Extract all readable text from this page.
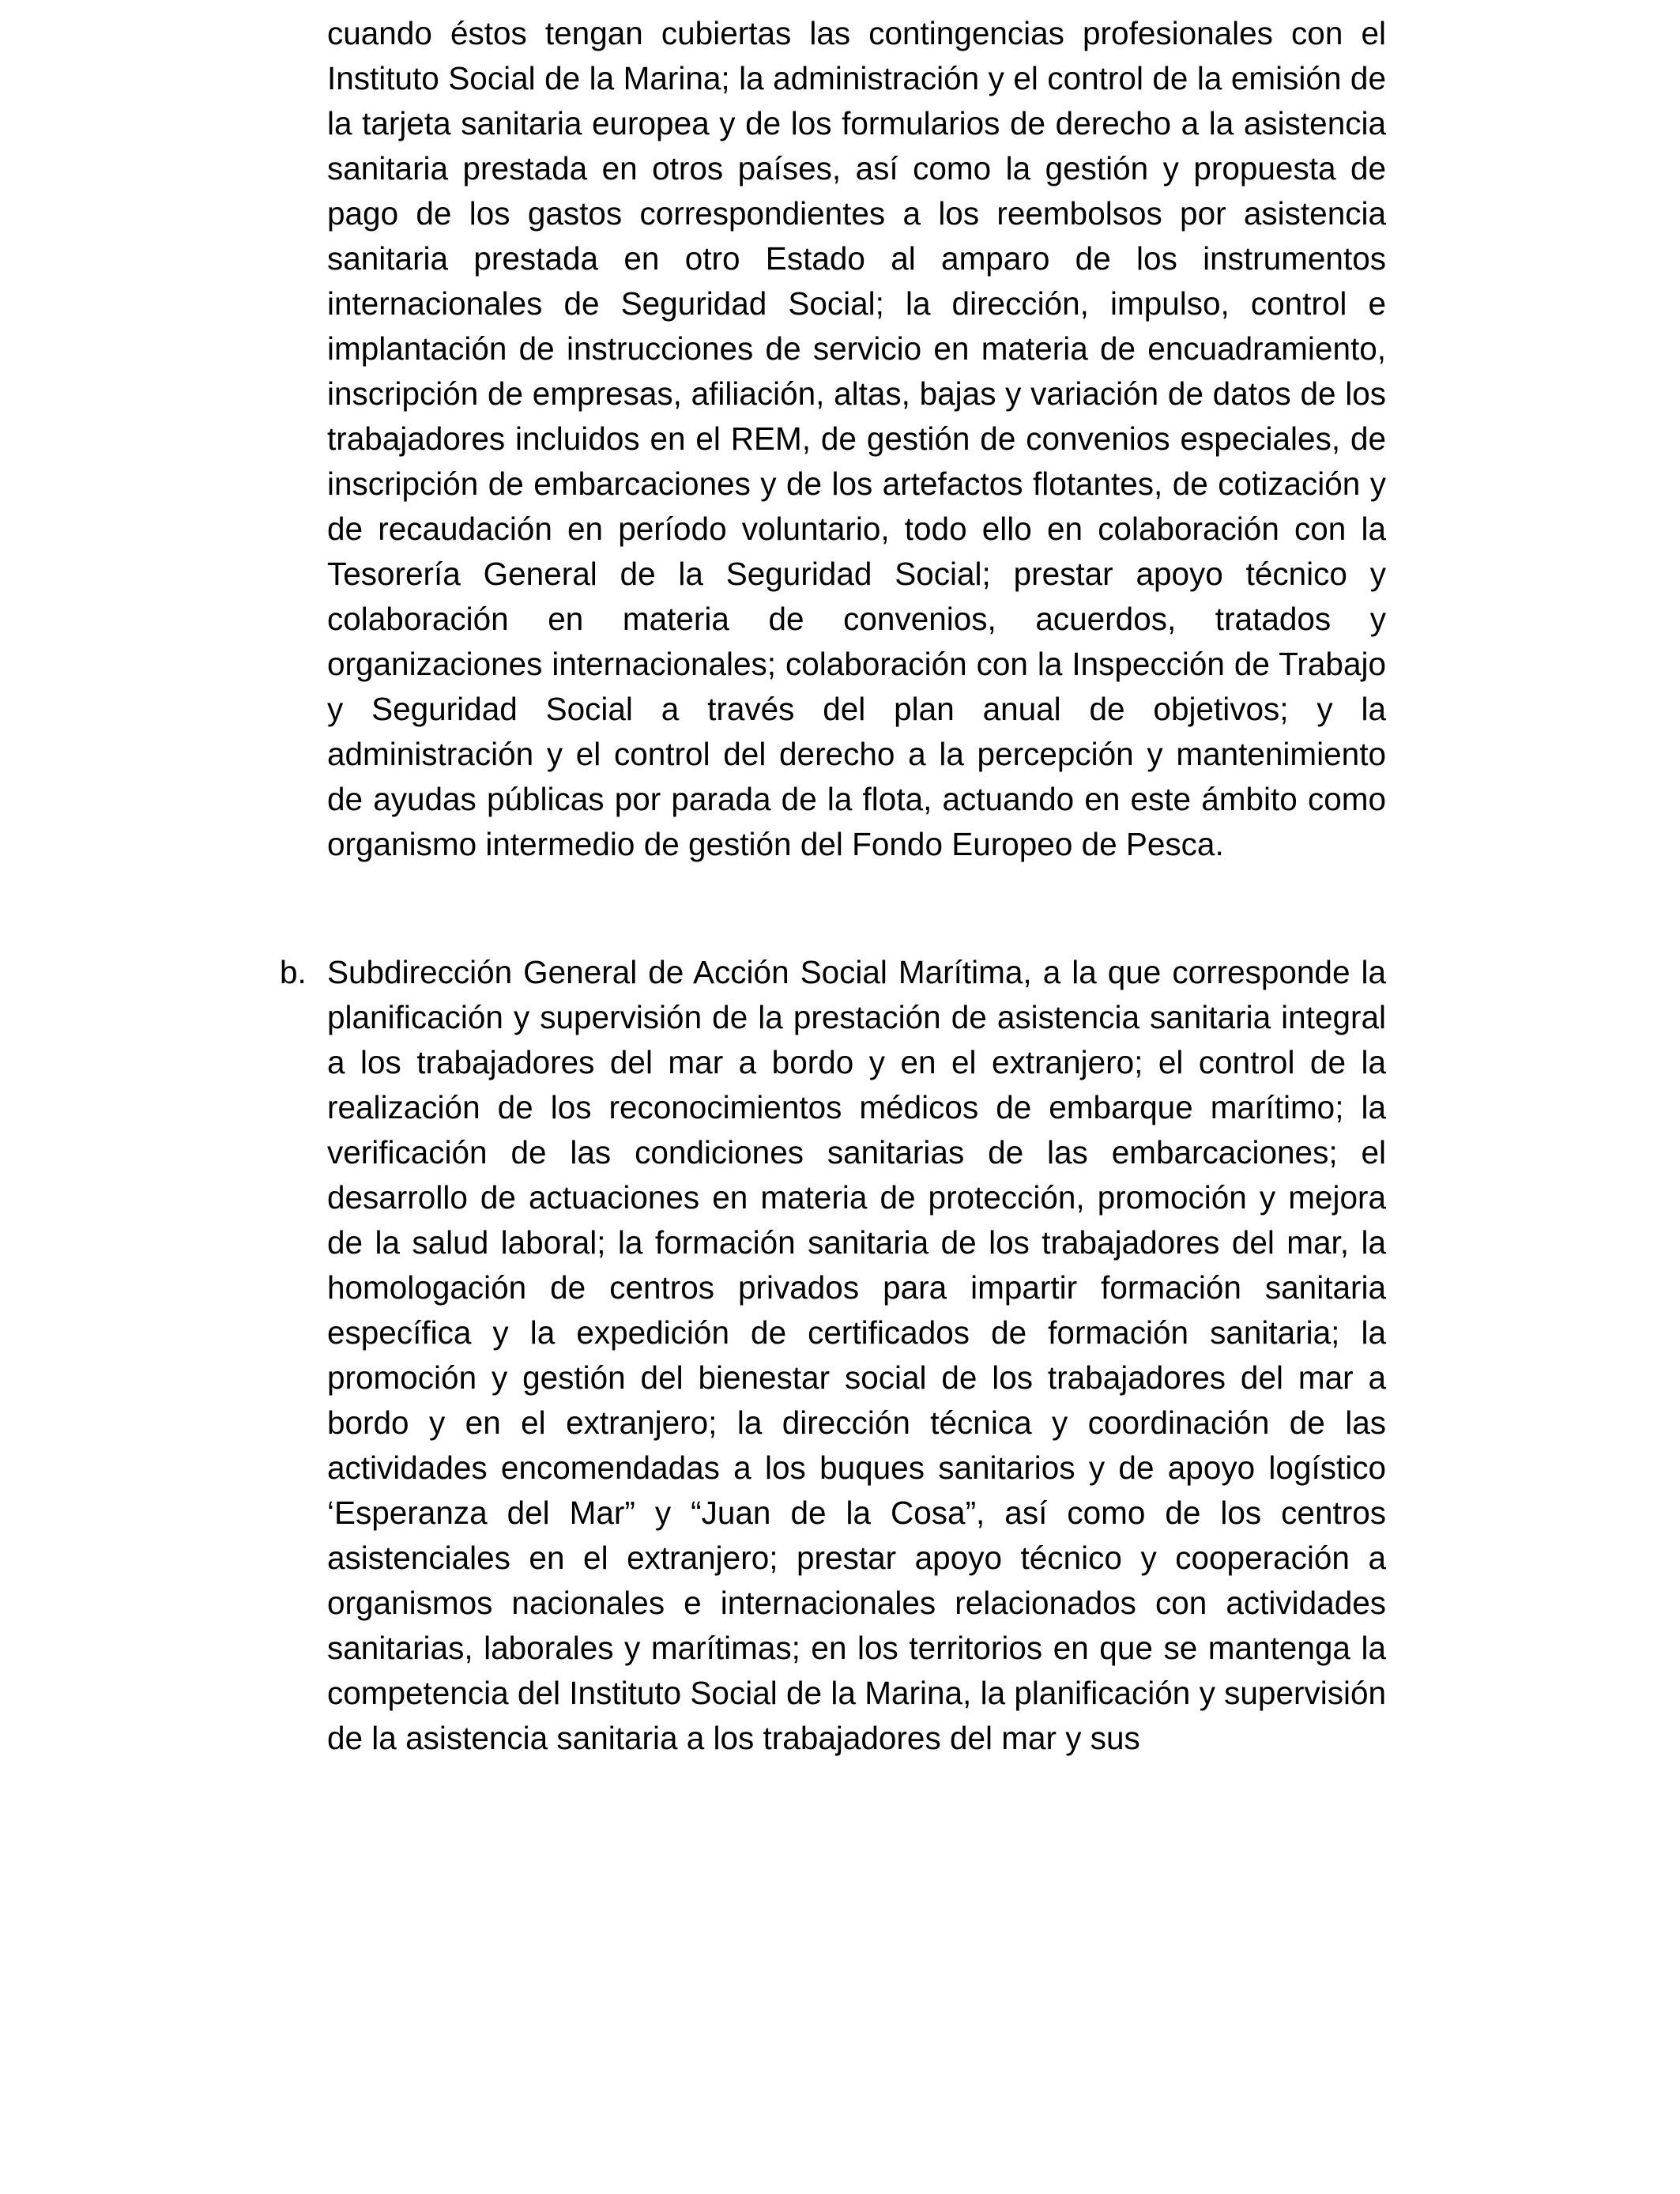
cuando éstos tengan cubiertas las contingencias profesionales con el Instituto Social de la Marina; la administración y el control de la emisión de la tarjeta sanitaria europea y de los formularios de derecho a la asistencia sanitaria prestada en otros países, así como la gestión y propuesta de pago de los gastos correspondientes a los reembolsos por asistencia sanitaria prestada en otro Estado al amparo de los instrumentos internacionales de Seguridad Social; la dirección, impulso, control e implantación de instrucciones de servicio en materia de encuadramiento, inscripción de empresas, afiliación, altas, bajas y variación de datos de los trabajadores incluidos en el REM, de gestión de convenios especiales, de inscripción de embarcaciones y de los artefactos flotantes, de cotización y de recaudación en período voluntario, todo ello en colaboración con la Tesorería General de la Seguridad Social; prestar apoyo técnico y colaboración en materia de convenios, acuerdos, tratados y organizaciones internacionales; colaboración con la Inspección de Trabajo y Seguridad Social a través del plan anual de objetivos; y la administración y el control del derecho a la percepción y mantenimiento de ayudas públicas por parada de la flota, actuando en este ámbito como organismo intermedio de gestión del Fondo Europeo de Pesca.
b. Subdirección General de Acción Social Marítima, a la que corresponde la planificación y supervisión de la prestación de asistencia sanitaria integral a los trabajadores del mar a bordo y en el extranjero; el control de la realización de los reconocimientos médicos de embarque marítimo; la verificación de las condiciones sanitarias de las embarcaciones; el desarrollo de actuaciones en materia de protección, promoción y mejora de la salud laboral; la formación sanitaria de los trabajadores del mar, la homologación de centros privados para impartir formación sanitaria específica y la expedición de certificados de formación sanitaria; la promoción y gestión del bienestar social de los trabajadores del mar a bordo y en el extranjero; la dirección técnica y coordinación de las actividades encomendadas a los buques sanitarios y de apoyo logístico ‘Esperanza del Mar” y “Juan de la Cosa”, así como de los centros asistenciales en el extranjero; prestar apoyo técnico y cooperación a organismos nacionales e internacionales relacionados con actividades sanitarias, laborales y marítimas; en los territorios en que se mantenga la competencia del Instituto Social de la Marina, la planificación y supervisión de la asistencia sanitaria a los trabajadores del mar y sus
